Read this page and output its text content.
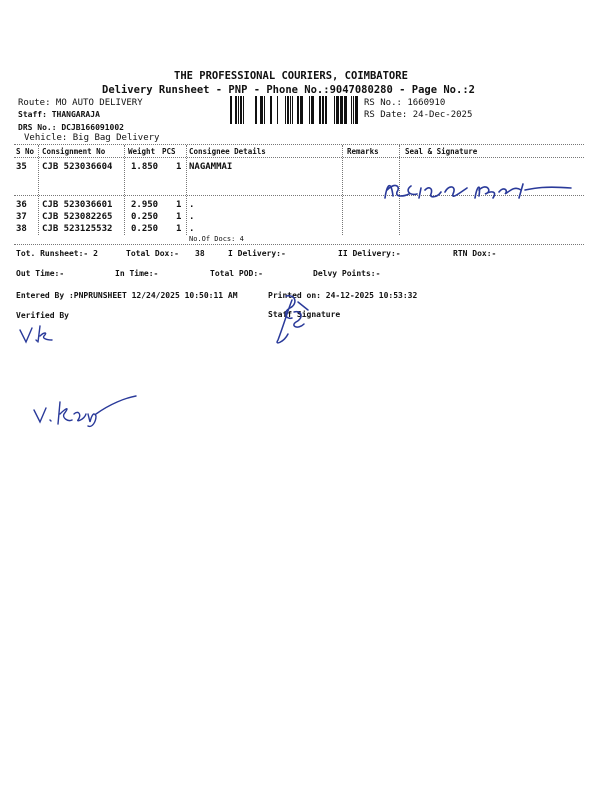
THE PROFESSIONAL COURIERS, COIMBATORE
Delivery Runsheet - PNP - Phone No.:9047080280 - Page No.:2
Route: MO AUTO DELIVERY
Staff: THANGARAJA
DRS No.: DCJB166091002
Vehicle: Big Bag Delivery
RS No.: 1660910
RS Date: 24-Dec-2025
S No Consignment No	Weight PCS Consignee Details	Remarks	Seal & Signature
35 CJB 523036604 1.850 1 NAGAMMAI
36 CJB 523036601 2.950 1 .
37 CJB 523082265 0.250 1 .
38 CJB 523125532 0.250 1 .
No.Of Docs: 4
Tot. Runsheet:- 2	Total Dox:- 38	I Delivery:-	II Delivery:-	RTN Dox:-
Out Time:-	In Time:-	Total POD:-	Delvy Points:-
Entered By :PNPRUNSHEET 12/24/2025 10:50:11 AM	Printed on: 24-12-2025 10:53:32
Verified By	Staff Signature
